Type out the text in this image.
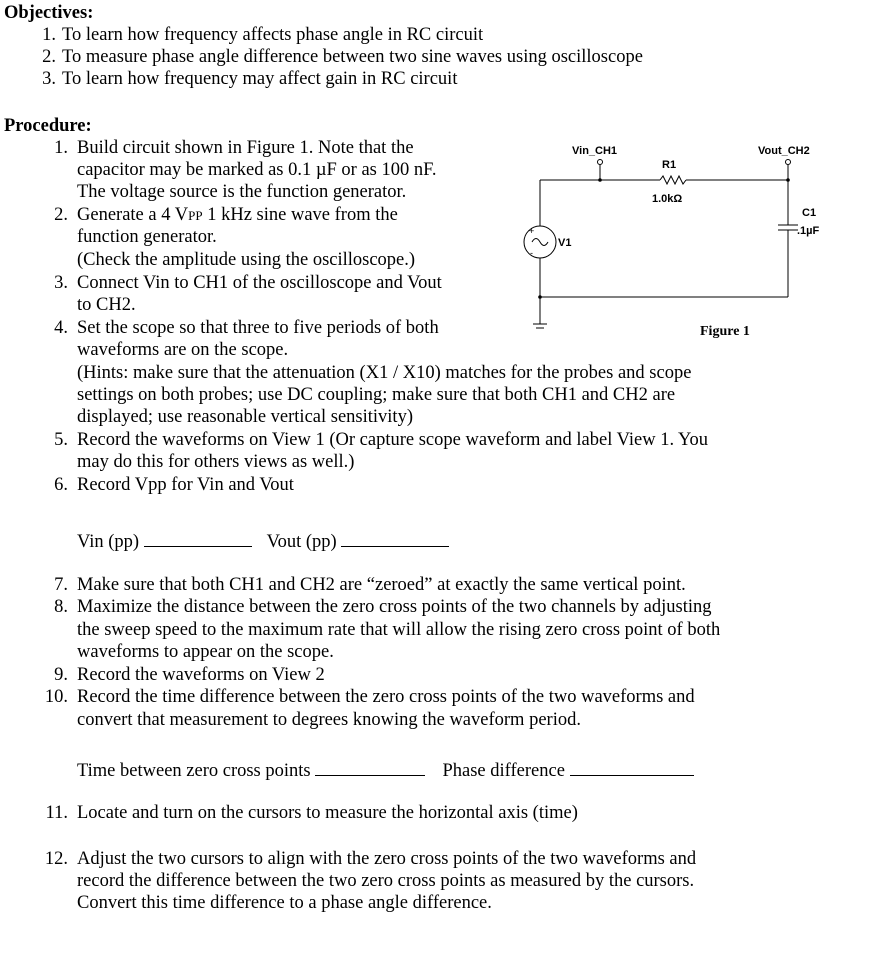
Objectives:
1. To learn how frequency affects phase angle in RC circuit
2. To measure phase angle difference between two sine waves using oscilloscope
3. To learn how frequency may affect gain in RC circuit
Procedure:
1. Build circuit shown in Figure 1. Note that the
capacitor may be marked as 0.1 µF or as 100 nF.
The voltage source is the function generator.
2. Generate a 4 VPP 1 kHz sine wave from the
function generator.
(Check the amplitude using the oscilloscope.)
3. Connect Vin to CH1 of the oscilloscope and Vout
to CH2.
4. Set the scope so that three to five periods of both
waveforms are on the scope.
(Hints: make sure that the attenuation (X1 / X10) matches for the probes and scope
settings on both probes; use DC coupling; make sure that both CH1 and CH2 are
displayed; use reasonable vertical sensitivity)
5. Record the waveforms on View 1 (Or capture scope waveform and label View 1. You
may do this for others views as well.)
6. Record Vpp for Vin and Vout
Vin (pp)	Vout (pp)
7. Make sure that both CH1 and CH2 are “zeroed” at exactly the same vertical point.
8. Maximize the distance between the zero cross points of the two channels by adjusting
the sweep speed to the maximum rate that will allow the rising zero cross point of both
waveforms to appear on the scope.
9. Record the waveforms on View 2
10. Record the time difference between the zero cross points of the two waveforms and
convert that measurement to degrees knowing the waveform period.
Time between zero cross points	Phase difference
11. Locate and turn on the cursors to measure the horizontal axis (time)
12. Adjust the two cursors to align with the zero cross points of the two waveforms and
record the difference between the two zero cross points as measured by the cursors.
Convert this time difference to a phase angle difference.
+
-
Vin_CH1	Vout_CH2
R1
1.0kΩ
C1
.1µF
V1
Figure 1
